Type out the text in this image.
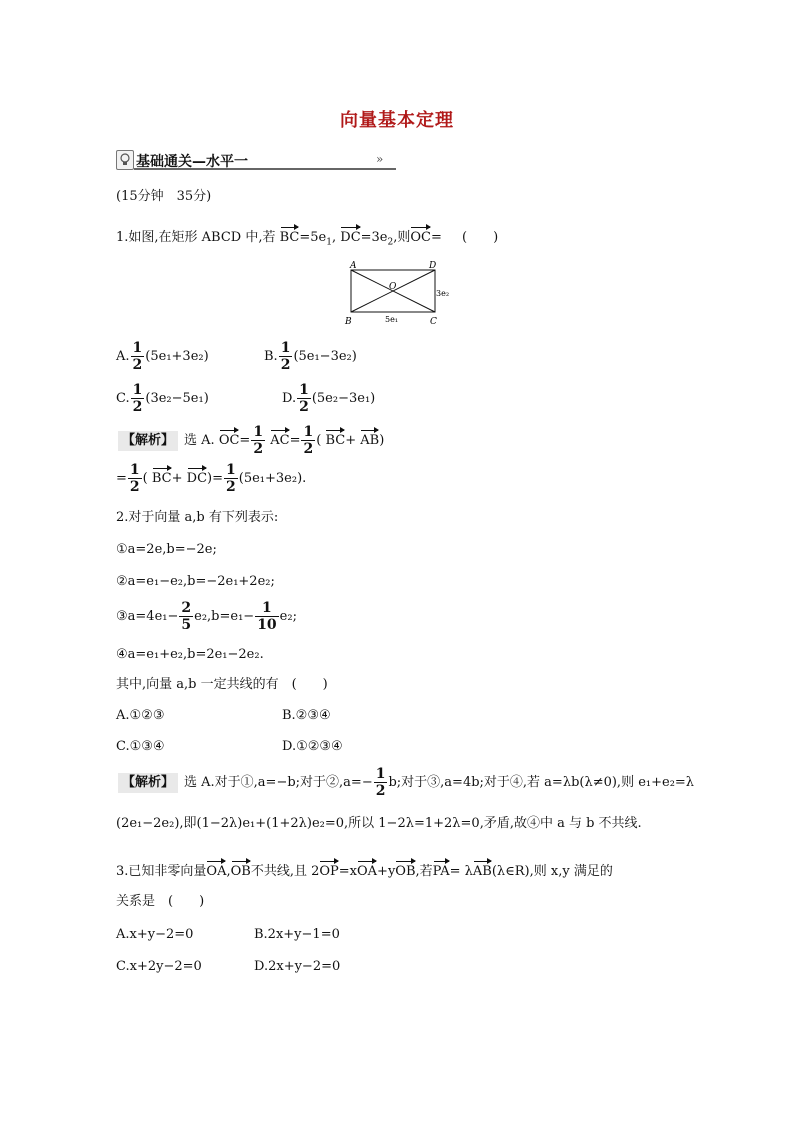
向量基本定理
基础通关—水平一	»
(15分钟　35分)
1.如图,在矩形 ABCD 中,若 $BC=5e_1$, $DC=3e_2$,则OC= (　　)
A
B	C
D
O
3e₂
5e₁
A. $\frac{1}{2} (5e_1+3e_2)$	B. $\frac{1}{2} (5e_1-3e_2)$
C. $\frac{1}{2} (3e_2-5e_1)$	D. $\frac{1}{2} (5e_2-3e_1)$
【解析】 选 A. $OC= \frac{1}{2} AC= \frac{1}{2}$ ( BC+ AB)
= $\frac{1}{2}$ ( $BC+ DC)= \frac{1}{2} (5e_1+3e_2)$.
2.对于向量 a,b 有下列表示:
①a=2e,b=−2e;
②a=e₁−e₂,b=−2e₁+2e₂;
③a=4e₁− $\frac{2}{5} e_2,b=e_1- \frac{1}{10} e_2$;
④a=e₁+e₂,b=2e₁−2e₂.
其中,向量 a,b 一定共线的有　(　　)
A.①②③	B.②③④
C.①③④	D.①②③④
【解析】 选 A.对于①,a=−b;对于②,a=− $\frac{1}{2} b$;对于③,a=4b;对于④,若 a=λb(λ≠0),则 e₁+e₂=λ
(2e₁−2e₂),即(1−2λ)e₁+(1+2λ)e₂=0,所以 1−2λ=1+2λ=0,矛盾,故④中 a 与 b 不共线.
3.已知非零向量OA,OB不共线,且 2OP=xOA+yOB,若PA= λAB(λ∈R),则 x,y 满足的
关系是　(　　)
A.x+y−2=0	B.2x+y−1=0
C.x+2y−2=0	D.2x+y−2=0
